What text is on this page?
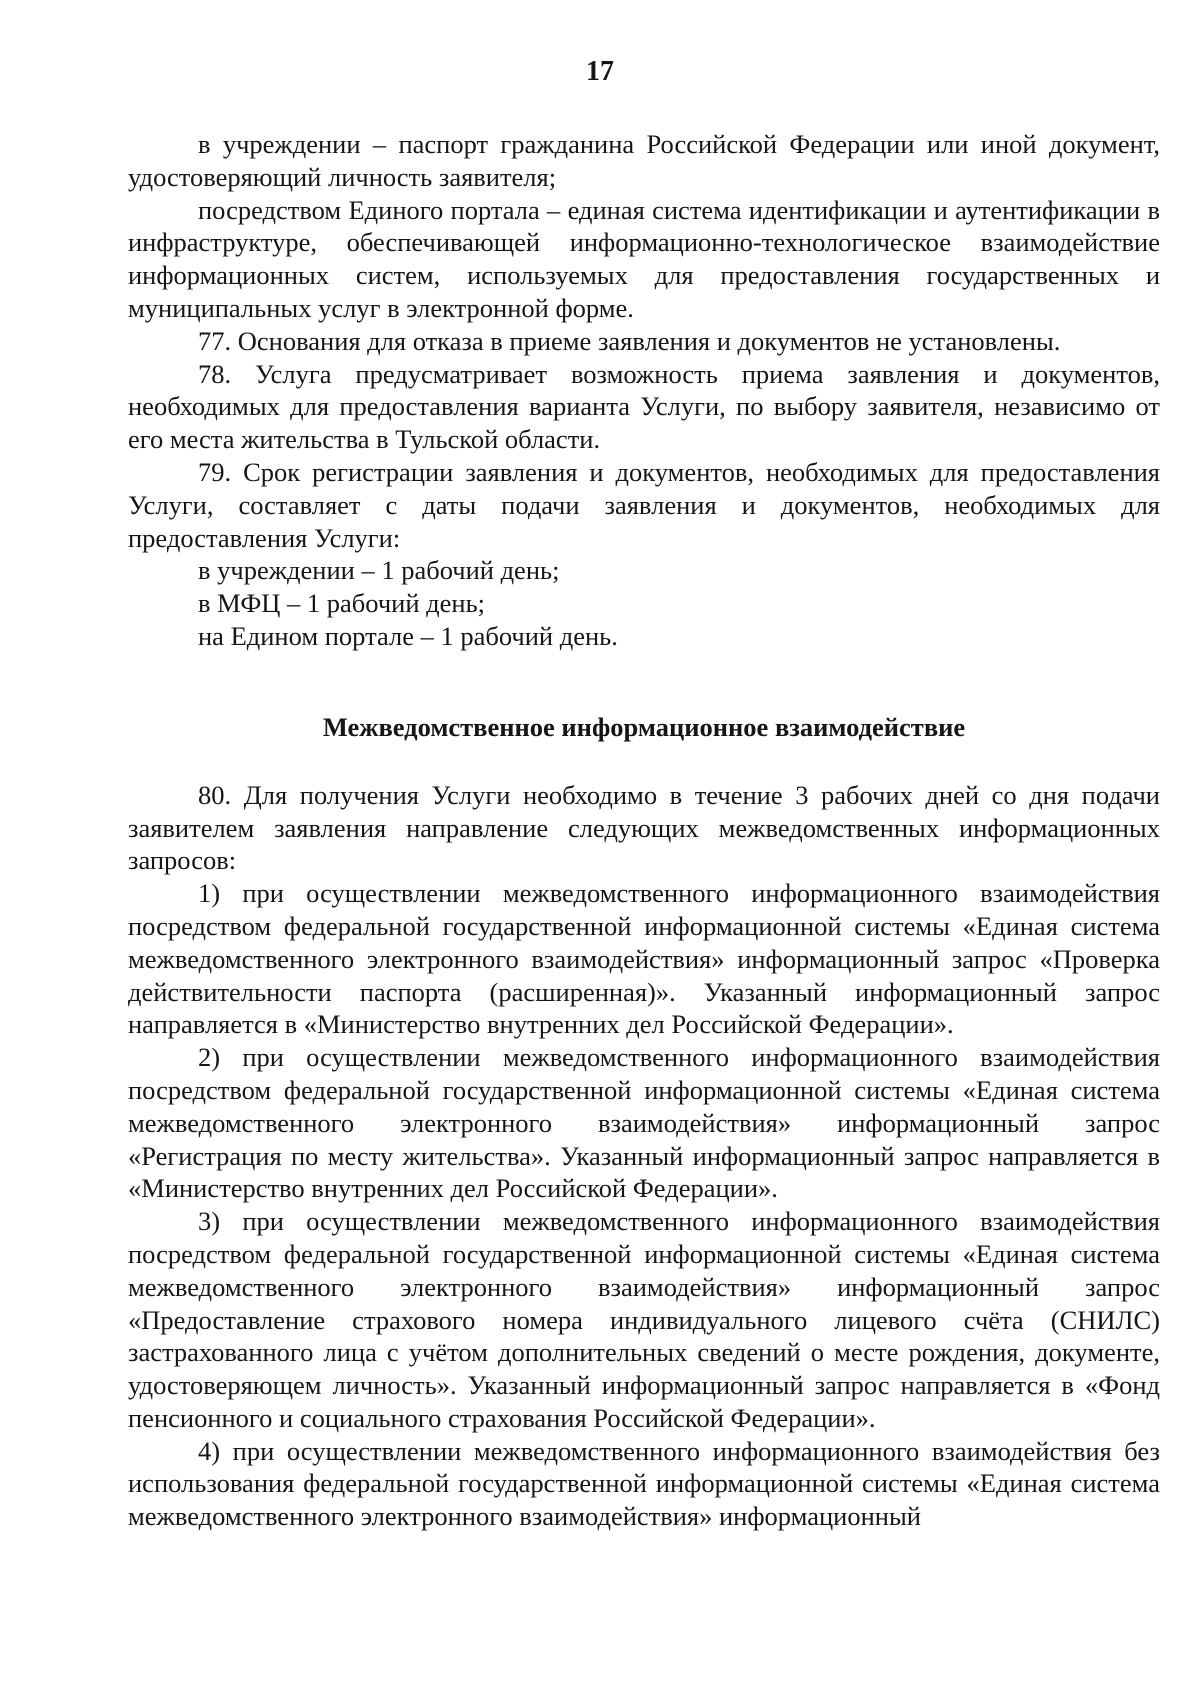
17

в учреждении – паспорт гражданина Российской Федерации или иной документ, удостоверяющий личность заявителя;

посредством Единого портала – единая система идентификации и аутентификации в инфраструктуре, обеспечивающей информационно-технологическое взаимодействие информационных систем, используемых для предоставления государственных и муниципальных услуг в электронной форме.

77. Основания для отказа в приеме заявления и документов не установлены.

78. Услуга предусматривает возможность приема заявления и документов, необходимых для предоставления варианта Услуги, по выбору заявителя, независимо от его места жительства в Тульской области.

79. Срок регистрации заявления и документов, необходимых для предоставления Услуги, составляет с даты подачи заявления и документов, необходимых для предоставления Услуги:

в учреждении – 1 рабочий день;

в МФЦ – 1 рабочий день;

на Едином портале – 1 рабочий день.

Межведомственное информационное взаимодействие

80. Для получения Услуги необходимо в течение 3 рабочих дней со дня подачи заявителем заявления направление следующих межведомственных информационных запросов:

1) при осуществлении межведомственного информационного взаимодействия посредством федеральной государственной информационной системы «Единая система межведомственного электронного взаимодействия» информационный запрос «Проверка действительности паспорта (расширенная)». Указанный информационный запрос направляется в «Министерство внутренних дел Российской Федерации».

2) при осуществлении межведомственного информационного взаимодействия посредством федеральной государственной информационной системы «Единая система межведомственного электронного взаимодействия» информационный запрос «Регистрация по месту жительства». Указанный информационный запрос направляется в «Министерство внутренних дел Российской Федерации».

3) при осуществлении межведомственного информационного взаимодействия посредством федеральной государственной информационной системы «Единая система межведомственного электронного взаимодействия» информационный запрос «Предоставление страхового номера индивидуального лицевого счёта (СНИЛС) застрахованного лица с учётом дополнительных сведений о месте рождения, документе, удостоверяющем личность». Указанный информационный запрос направляется в «Фонд пенсионного и социального страхования Российской Федерации».

4) при осуществлении межведомственного информационного взаимодействия без использования федеральной государственной информационной системы «Единая система межведомственного электронного взаимодействия» информационный
